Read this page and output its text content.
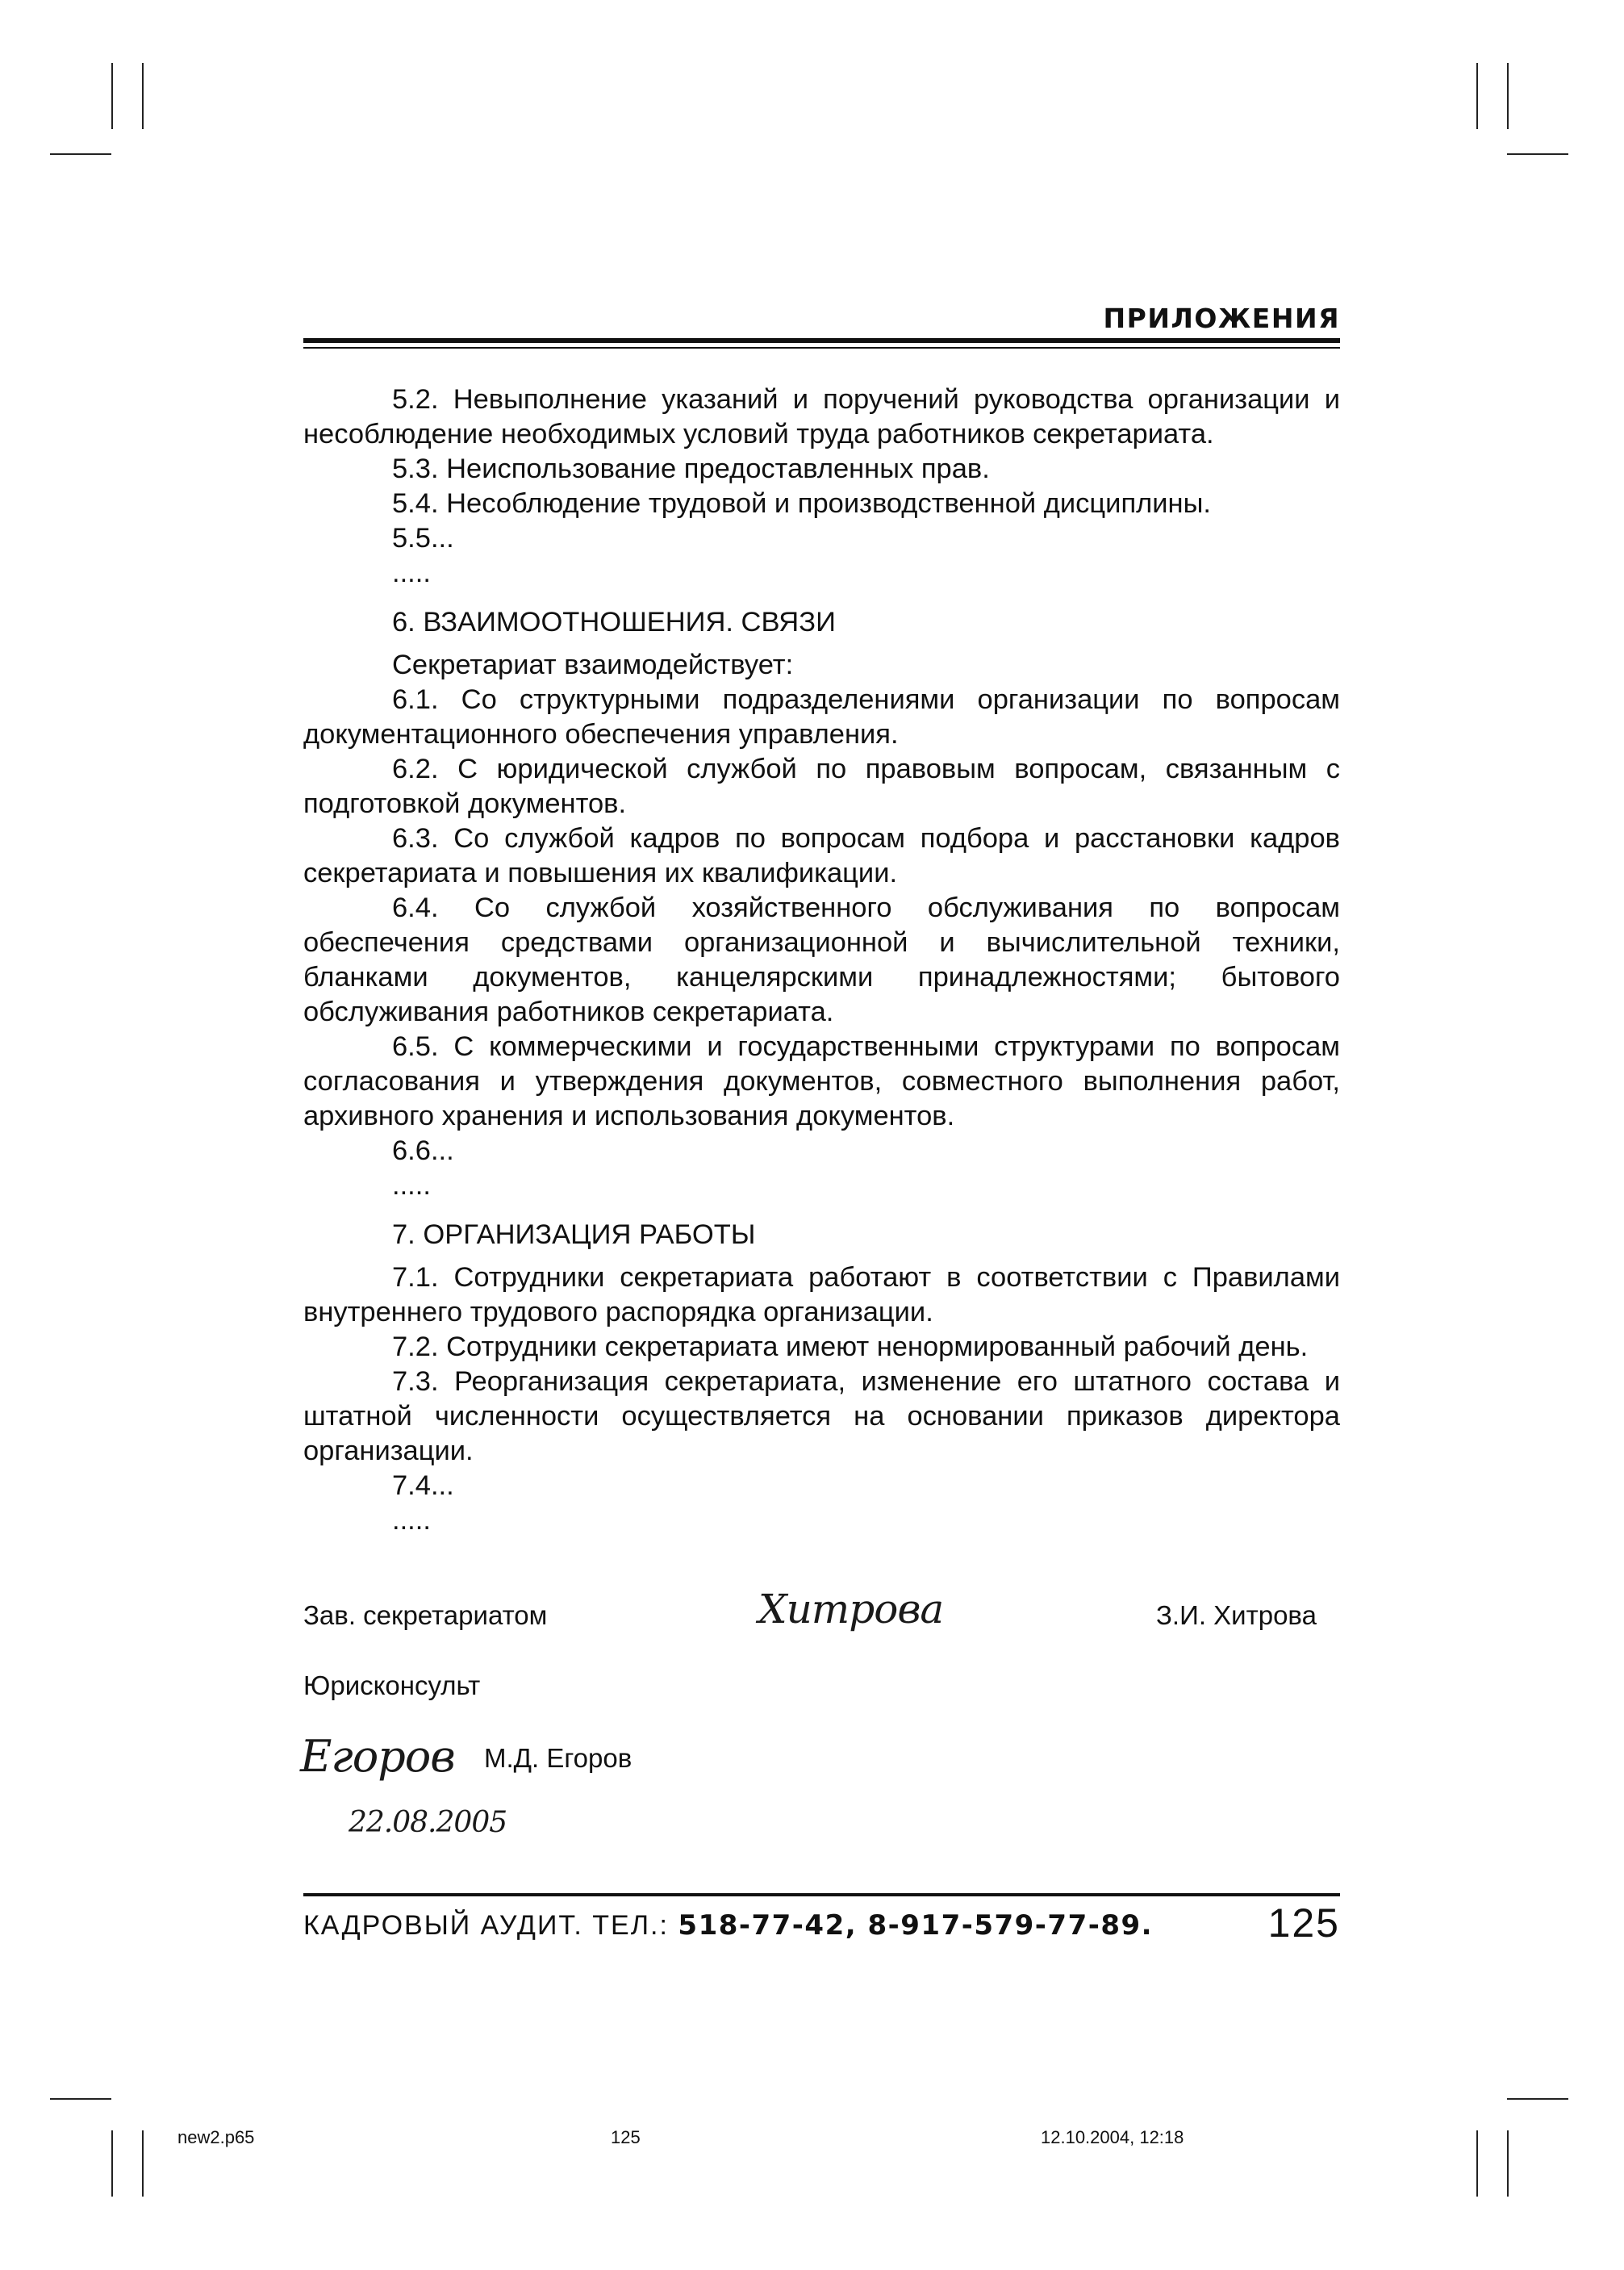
ПРИЛОЖЕНИЯ

5.2. Невыполнение указаний и поручений руководства организации и несоблюдение необходимых условий труда работников секретариата.

5.3. Неиспользование предоставленных прав.

5.4. Несоблюдение трудовой и производственной дисциплины.

5.5...

.....

6. ВЗАИМООТНОШЕНИЯ. СВЯЗИ

Секретариат взаимодействует:

6.1. Со структурными подразделениями организации по вопросам документационного обеспечения управления.

6.2. С юридической службой по правовым вопросам, связанным с подготовкой документов.

6.3. Со службой кадров по вопросам подбора и расстановки кадров секретариата и повышения их квалификации.

6.4. Со службой хозяйственного обслуживания по вопросам обеспечения средствами организационной и вычислительной техники, бланками документов, канцелярскими принадлежностями; бытового обслуживания работников секретариата.

6.5. С коммерческими и государственными структурами по вопросам согласования и утверждения документов, совместного выполнения работ, архивного хранения и использования документов.

6.6...

.....

7. ОРГАНИЗАЦИЯ РАБОТЫ

7.1. Сотрудники секретариата работают в соответствии с Правилами внутреннего трудового распорядка организации.

7.2. Сотрудники секретариата имеют ненормированный рабочий день.

7.3. Реорганизация секретариата, изменение его штатного состава и штатной численности осуществляется на основании приказов директора организации.

7.4...

.....

Зав. секретариатом	Хитрова	З.И. Хитрова
Юрисконсульт
Егоров М.Д. Егоров
22.08.2005
КАДРОВЫЙ АУДИТ. ТЕЛ.: 518-77-42, 8-917-579-77-89.	125
new2.p65	125	12.10.2004, 12:18
